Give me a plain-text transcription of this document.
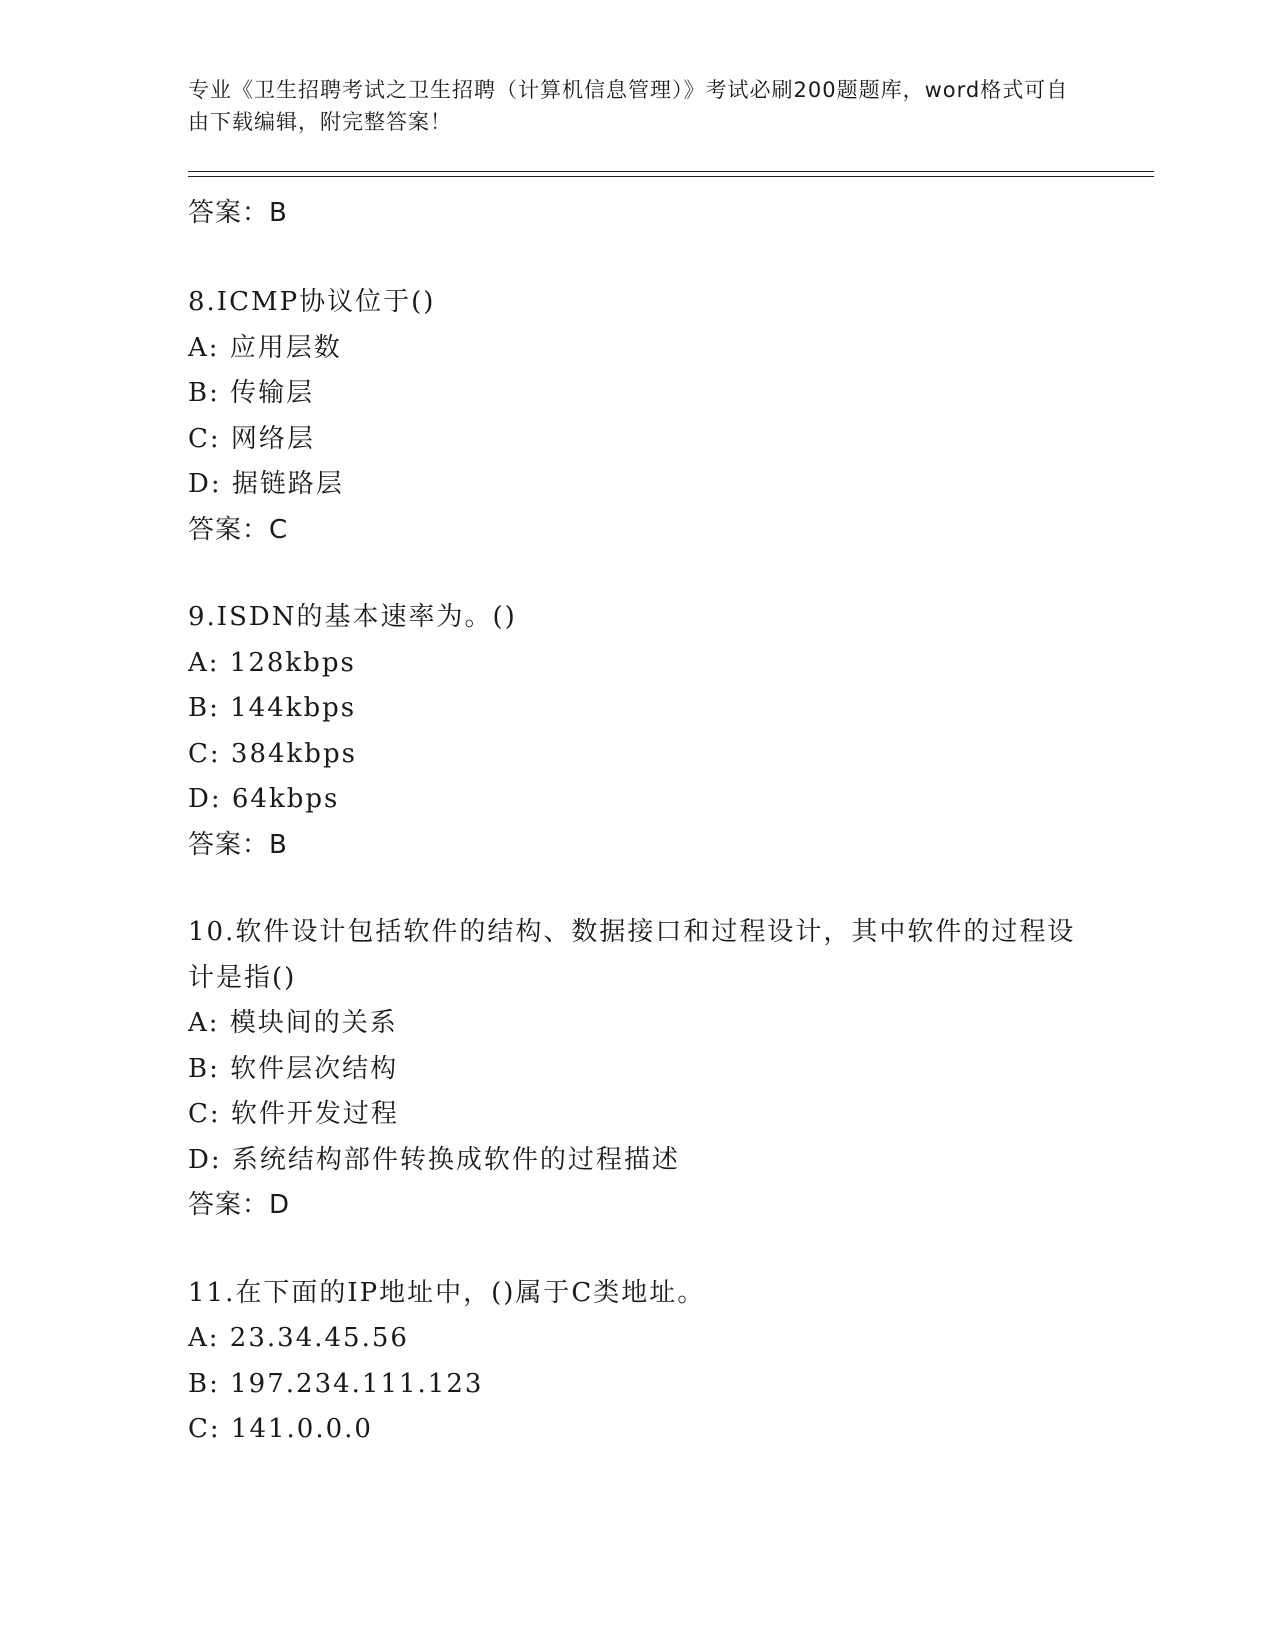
专业《卫生招聘考试之卫生招聘（计算机信息管理）》考试必刷200题题库，word格式可自由下载编辑，附完整答案！
答案：B
8.ICMP协议位于()
A: 应用层数
B: 传输层
C: 网络层
D: 据链路层
答案：C
9.ISDN的基本速率为。()
A: 128kbps
B: 144kbps
C: 384kbps
D: 64kbps
答案：B
10.软件设计包括软件的结构、数据接口和过程设计，其中软件的过程设计是指()
A: 模块间的关系
B: 软件层次结构
C: 软件开发过程
D: 系统结构部件转换成软件的过程描述
答案：D
11.在下面的IP地址中，()属于C类地址。
A: 23.34.45.56
B: 197.234.111.123
C: 141.0.0.0
